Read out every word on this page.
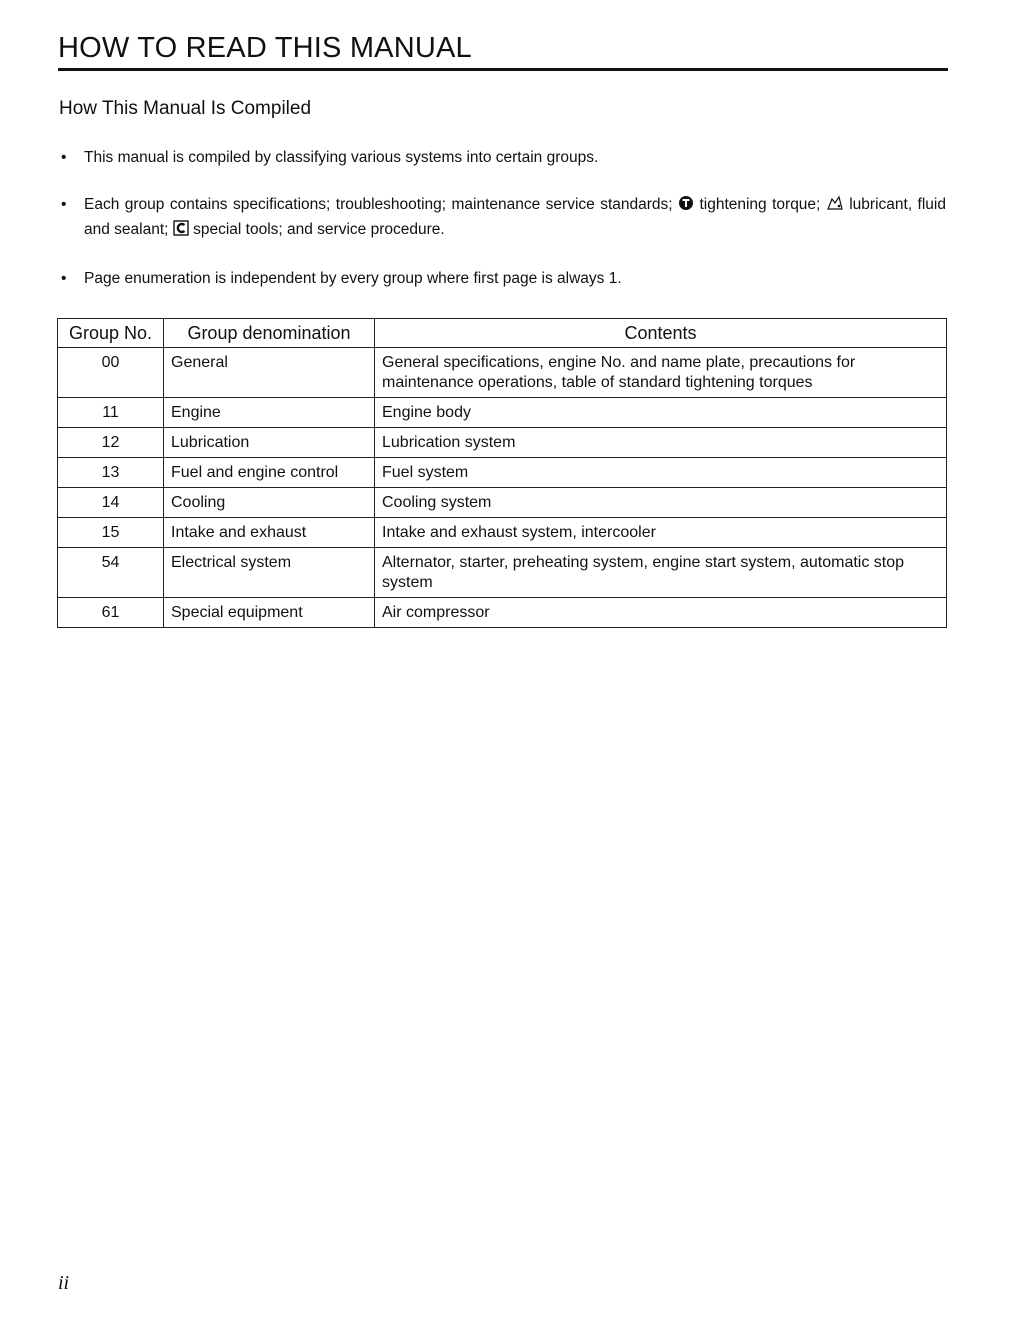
HOW TO READ THIS MANUAL
How This Manual Is Compiled
• This manual is compiled by classifying various systems into certain groups.
• Each group contains specifications; troubleshooting; maintenance service standards; tightening torque; lubricant, fluid and sealant; special tools; and service procedure.
• Page enumeration is independent by every group where first page is always 1.
Group No.	Group denomination	Contents
00	General	General specifications, engine No. and name plate, precautions for maintenance operations, table of standard tightening torques
11	Engine	Engine body
12	Lubrication	Lubrication system
13	Fuel and engine control	Fuel system
14	Cooling	Cooling system
15	Intake and exhaust	Intake and exhaust system, intercooler
54	Electrical system	Alternator, starter, preheating system, engine start system, automatic stop system
61	Special equipment	Air compressor
ii
